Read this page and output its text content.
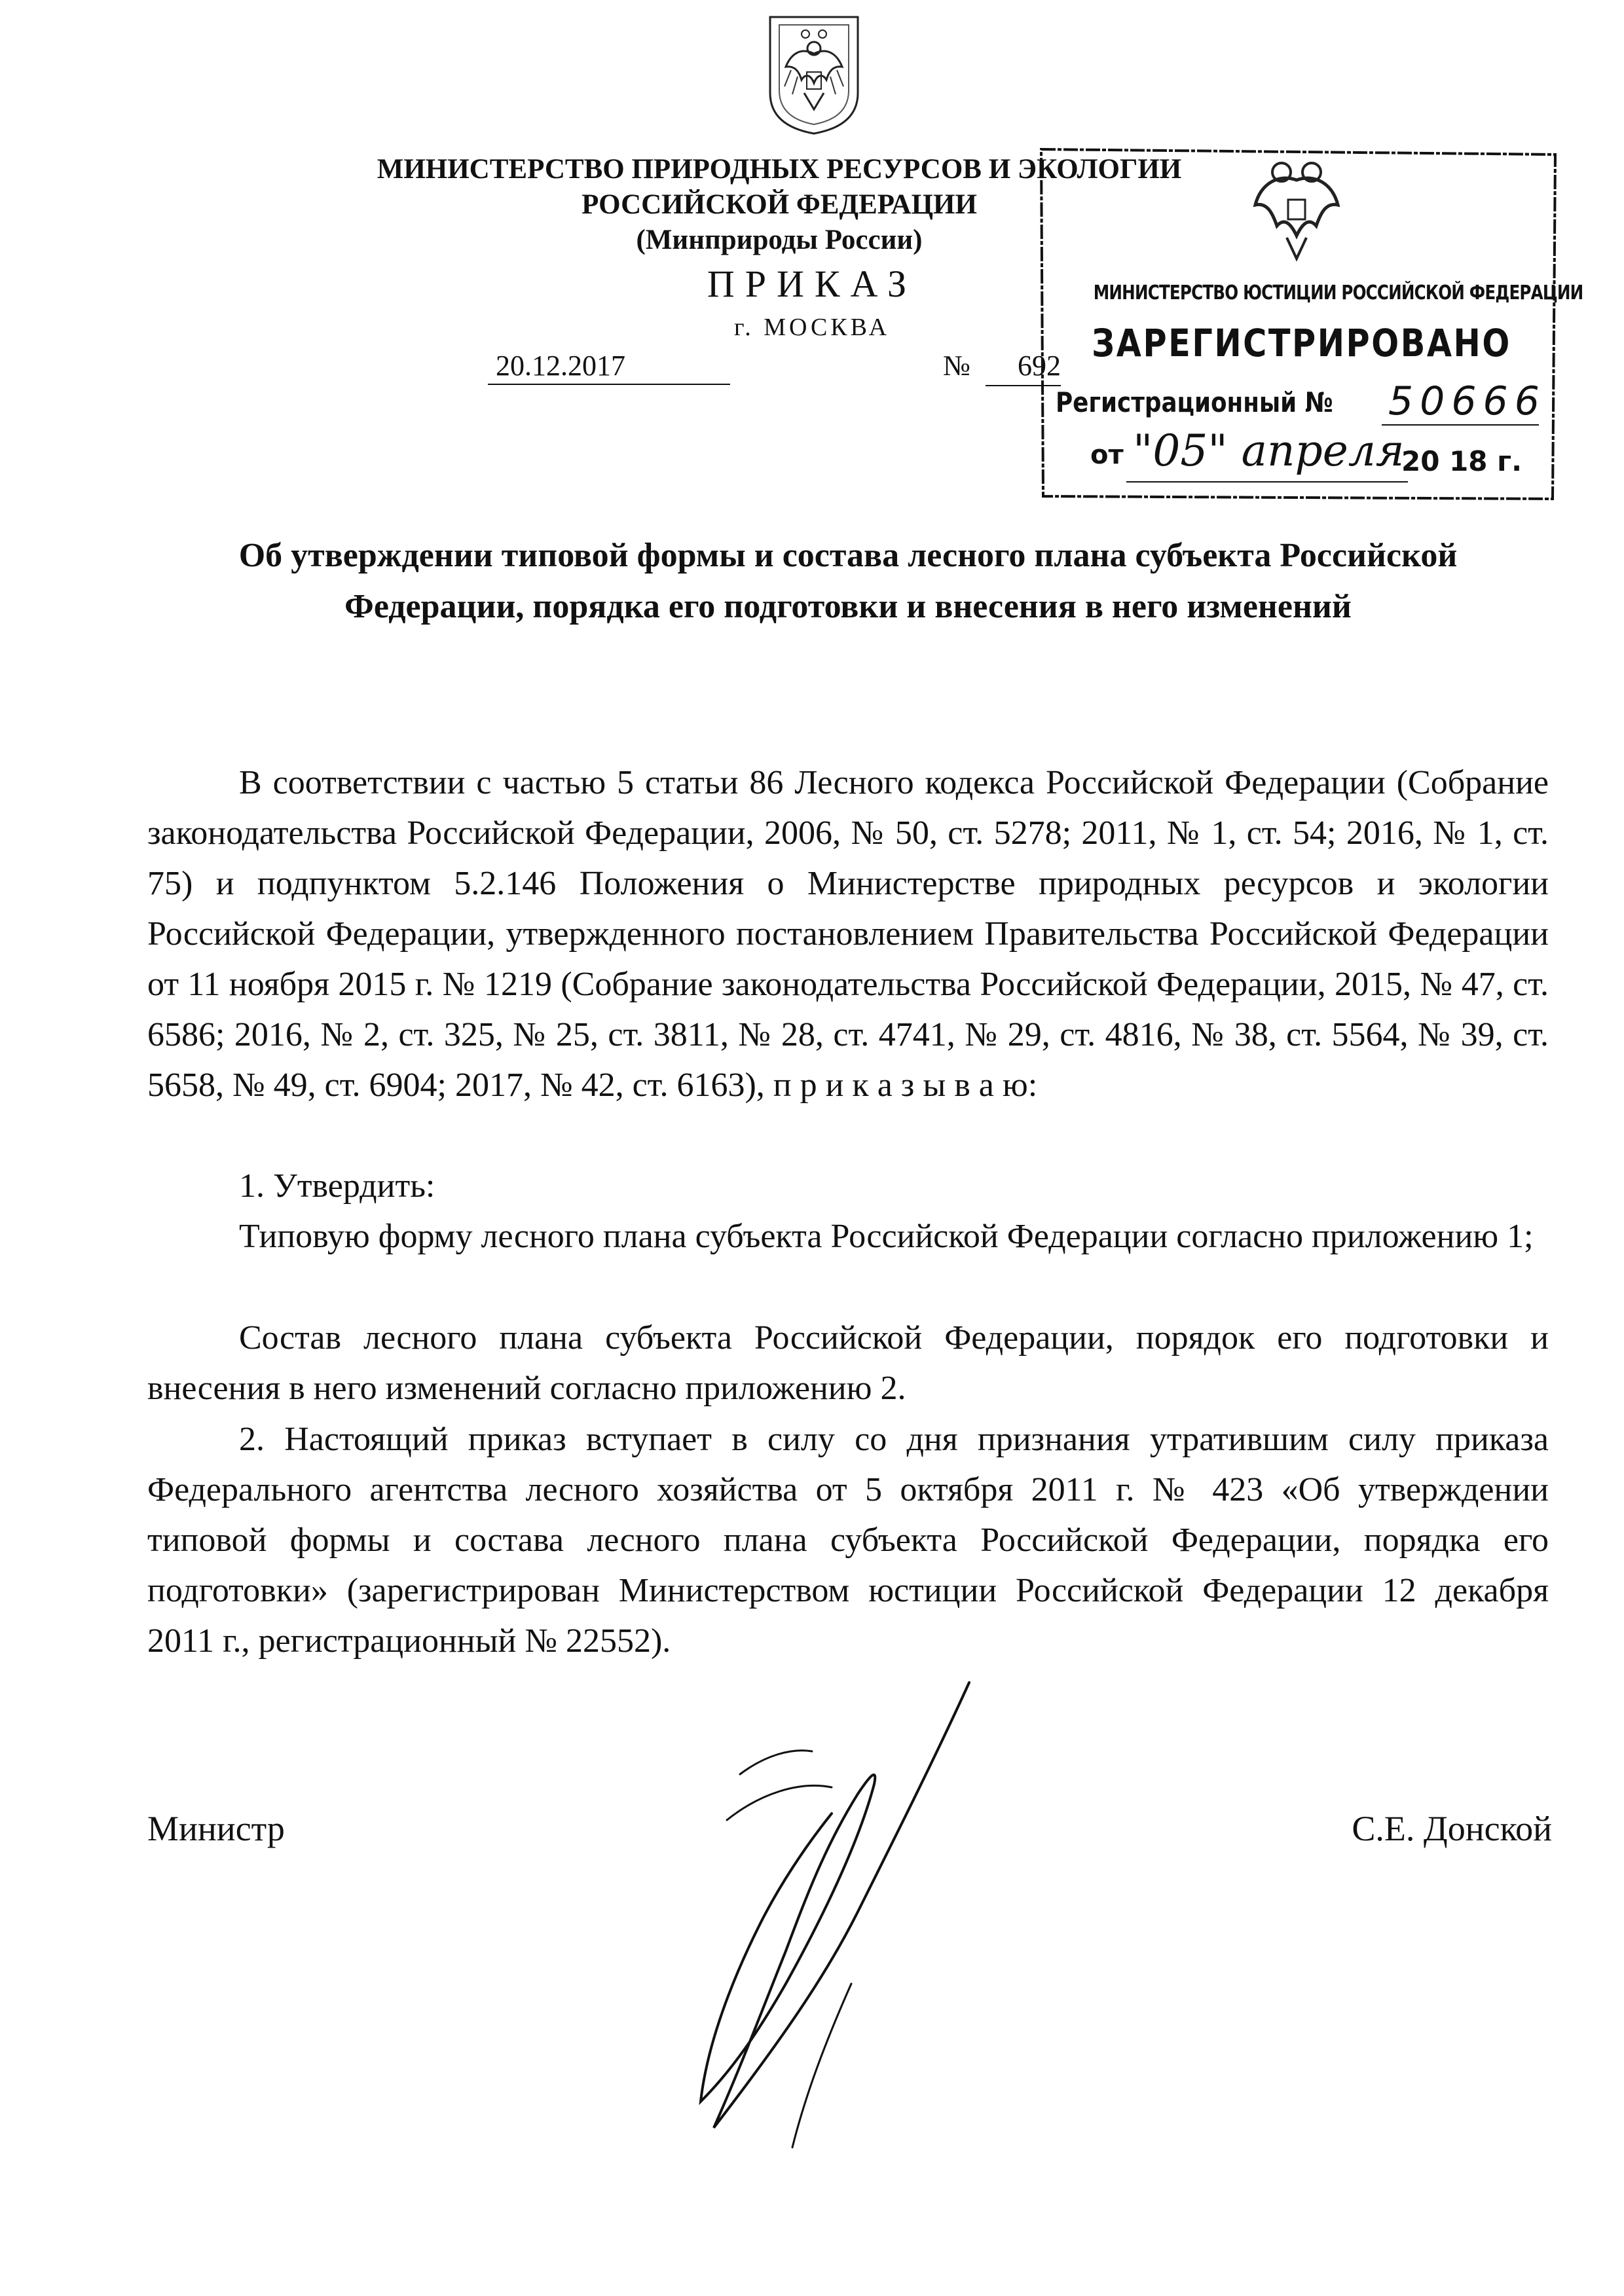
МИНИСТЕРСТВО ПРИРОДНЫХ РЕСУРСОВ И ЭКОЛОГИИ
РОССИЙСКОЙ ФЕДЕРАЦИИ
(Минприроды России)
ПРИКАЗ
г. МОСКВА
20.12.2017	№	692
МИНИСТЕРСТВО ЮСТИЦИИ РОССИЙСКОЙ ФЕДЕРАЦИИ
ЗАРЕГИСТРИРОВАНО
Регистрационный № 50666
от "05" апреля
20 18 г.
Об утверждении типовой формы и состава лесного плана субъекта Российской Федерации, порядка его подготовки и внесения в него изменений
В соответствии с частью 5 статьи 86 Лесного кодекса Российской Федерации (Собрание законодательства Российской Федерации, 2006, № 50, ст. 5278; 2011, № 1, ст. 54; 2016, № 1, ст. 75) и подпунктом 5.2.146 Положения о Министерстве природных ресурсов и экологии Российской Федерации, утвержденного постановлением Правительства Российской Федерации от 11 ноября 2015 г. № 1219 (Собрание законодательства Российской Федерации, 2015, № 47, ст. 6586; 2016, № 2, ст. 325, № 25, ст. 3811, № 28, ст. 4741, № 29, ст. 4816, № 38, ст. 5564, № 39, ст. 5658, № 49, ст. 6904; 2017, № 42, ст. 6163), п р и к а з ы в а ю:
1. Утвердить:
Типовую форму лесного плана субъекта Российской Федерации согласно приложению 1;
Состав лесного плана субъекта Российской Федерации, порядок его подготовки и внесения в него изменений согласно приложению 2.
2. Настоящий приказ вступает в силу со дня признания утратившим силу приказа Федерального агентства лесного хозяйства от 5 октября 2011 г. № 423 «Об утверждении типовой формы и состава лесного плана субъекта Российской Федерации, порядка его подготовки» (зарегистрирован Министерством юстиции Российской Федерации 12 декабря 2011 г., регистрационный № 22552).
Министр	С.Е. Донской
